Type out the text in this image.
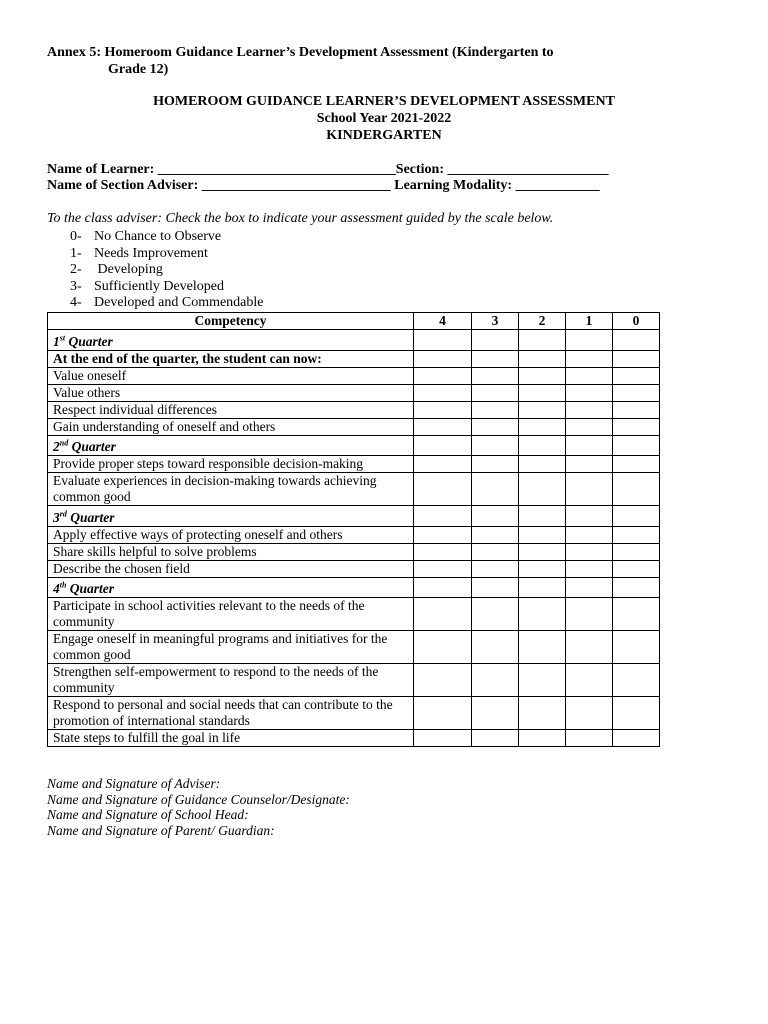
Annex 5: Homeroom Guidance Learner’s Development Assessment (Kindergarten to
Grade 12)
HOMEROOM GUIDANCE LEARNER’S DEVELOPMENT ASSESSMENT
School Year 2021-2022
KINDERGARTEN
Name of Learner: __________________________________Section: _______________________
Name of Section Adviser: ___________________________ Learning Modality: ____________
To the class adviser: Check the box to indicate your assessment guided by the scale below.
0- No Chance to Observe
1- Needs Improvement
2- Developing
3- Sufficiently Developed
4- Developed and Commendable
Competency	4	3	2	1	0
1st Quarter					
At the end of the quarter, the student can now:					
Value oneself					
Value others					
Respect individual differences					
Gain understanding of oneself and others					
2nd Quarter					
Provide proper steps toward responsible decision-making					
Evaluate experiences in decision-making towards achieving common good					
3rd Quarter					
Apply effective ways of protecting oneself and others					
Share skills helpful to solve problems					
Describe the chosen field					
4th Quarter					
Participate in school activities relevant to the needs of the community					
Engage oneself in meaningful programs and initiatives for the common good					
Strengthen self-empowerment to respond to the needs of the community					
Respond to personal and social needs that can contribute to the promotion of international standards					
State steps to fulfill the goal in life					
Name and Signature of Adviser:
Name and Signature of Guidance Counselor/Designate:
Name and Signature of School Head:
Name and Signature of Parent/ Guardian:
